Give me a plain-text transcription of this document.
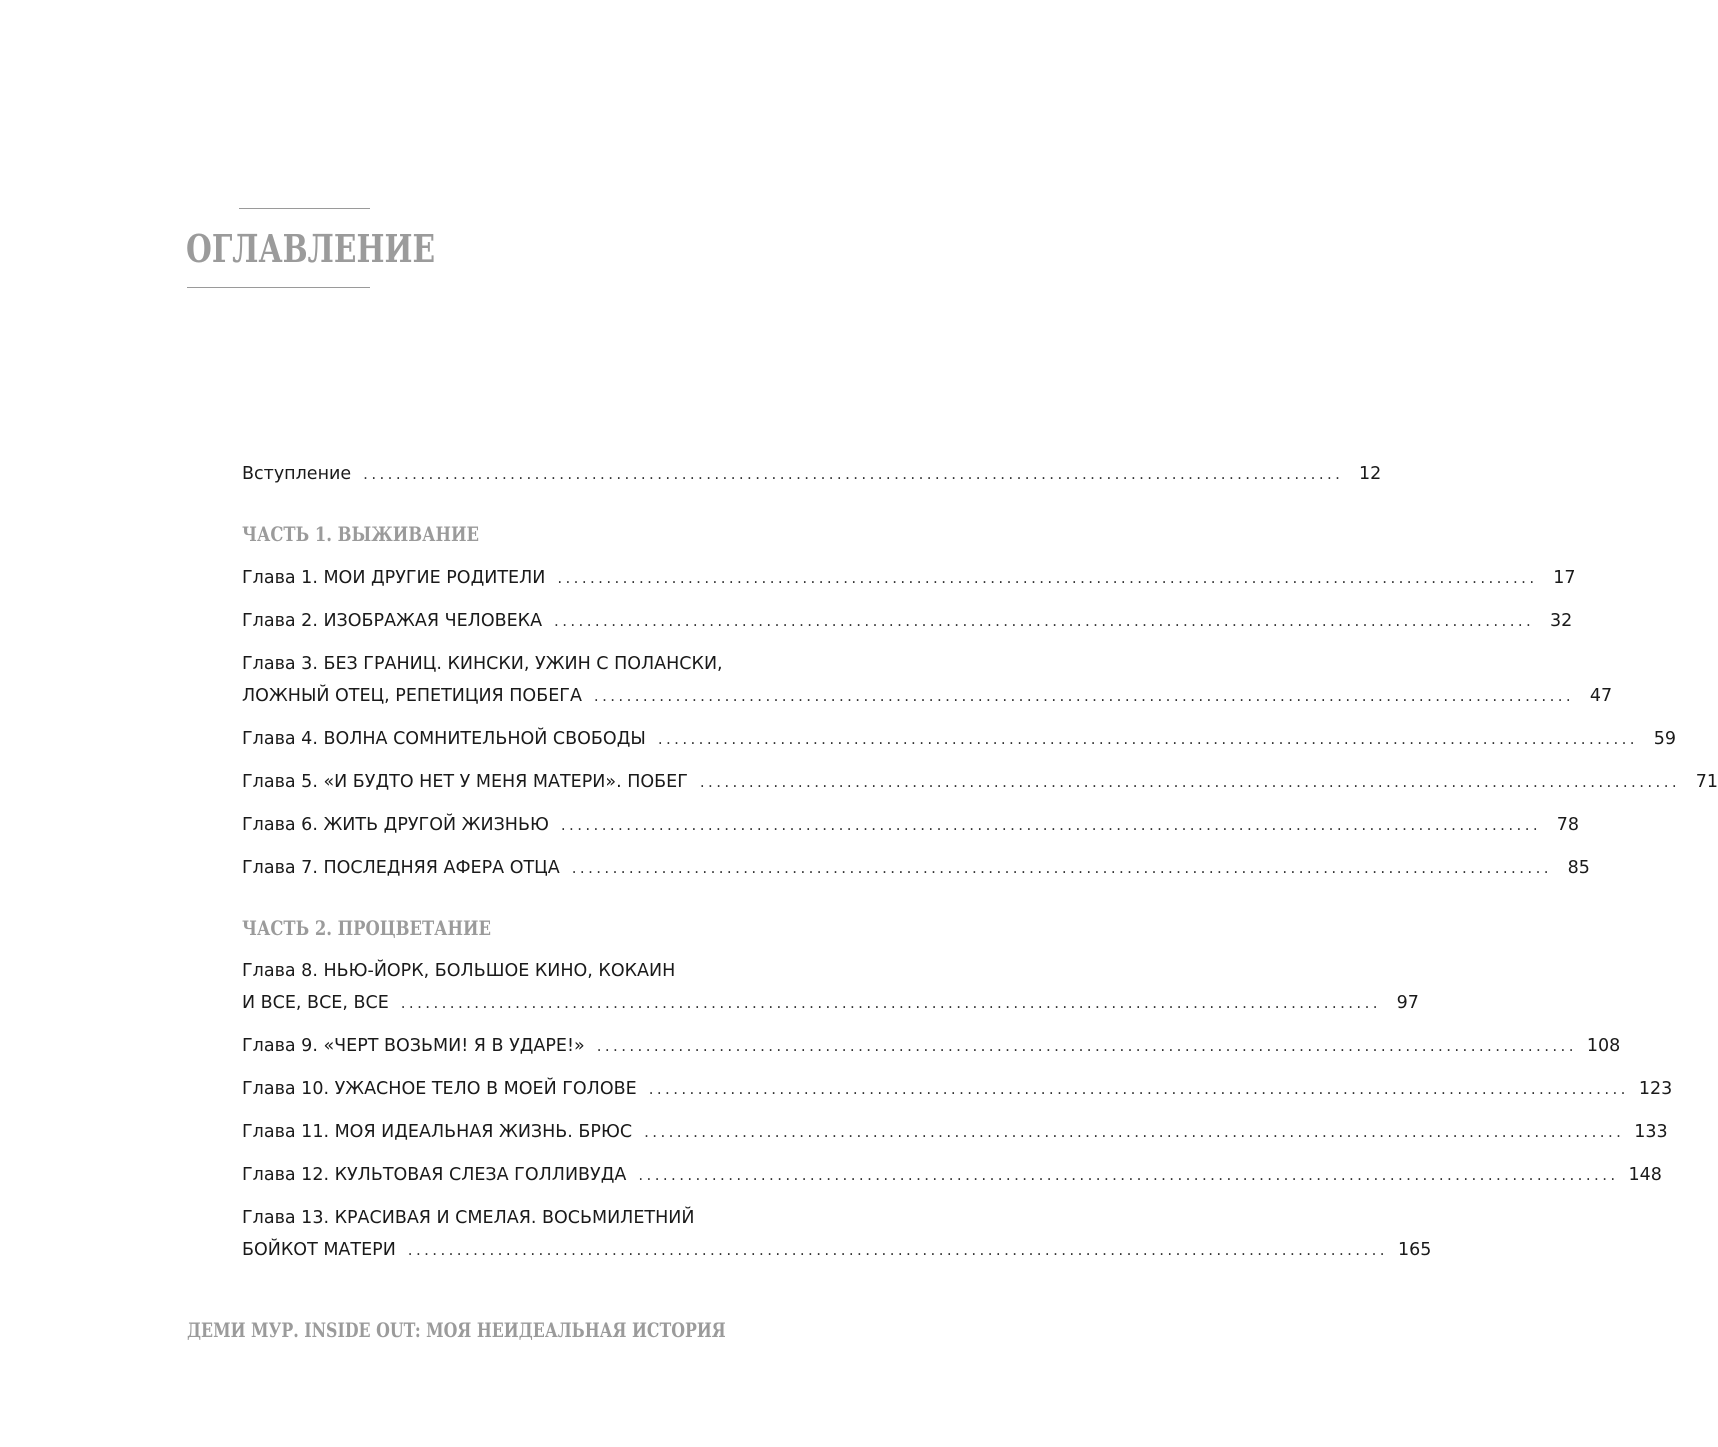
ОГЛАВЛЕНИЕ
Вступление ........................................................................................................................ 12
ЧАСТЬ 1. ВЫЖИВАНИЕ
Глава 1. МОИ ДРУГИЕ РОДИТЕЛИ ........................................................................................................................ 17
Глава 2. ИЗОБРАЖАЯ ЧЕЛОВЕКА ........................................................................................................................ 32
Глава 3. БЕЗ ГРАНИЦ. КИНСКИ, УЖИН С ПОЛАНСКИ,
ЛОЖНЫЙ ОТЕЦ, РЕПЕТИЦИЯ ПОБЕГА ........................................................................................................................ 47
Глава 4. ВОЛНА СОМНИТЕЛЬНОЙ СВОБОДЫ ........................................................................................................................ 59
Глава 5. «И БУДТО НЕТ У МЕНЯ МАТЕРИ». ПОБЕГ ........................................................................................................................ 71
Глава 6. ЖИТЬ ДРУГОЙ ЖИЗНЬЮ ........................................................................................................................ 78
Глава 7. ПОСЛЕДНЯЯ АФЕРА ОТЦА ........................................................................................................................ 85
ЧАСТЬ 2. ПРОЦВЕТАНИЕ
Глава 8. НЬЮ-ЙОРК, БОЛЬШОЕ КИНО, КОКАИН
И ВСЕ, ВСЕ, ВСЕ ........................................................................................................................ 97
Глава 9. «ЧЕРТ ВОЗЬМИ! Я В УДАРЕ!» ........................................................................................................................ 108
Глава 10. УЖАСНОЕ ТЕЛО В МОЕЙ ГОЛОВЕ ........................................................................................................................ 123
Глава 11. МОЯ ИДЕАЛЬНАЯ ЖИЗНЬ. БРЮС ........................................................................................................................ 133
Глава 12. КУЛЬТОВАЯ СЛЕЗА ГОЛЛИВУДА ........................................................................................................................ 148
Глава 13. КРАСИВАЯ И СМЕЛАЯ. ВОСЬМИЛЕТНИЙ
БОЙКОТ МАТЕРИ ........................................................................................................................ 165
ДЕМИ МУР. INSIDE OUT: МОЯ НЕИДЕАЛЬНАЯ ИСТОРИЯ
